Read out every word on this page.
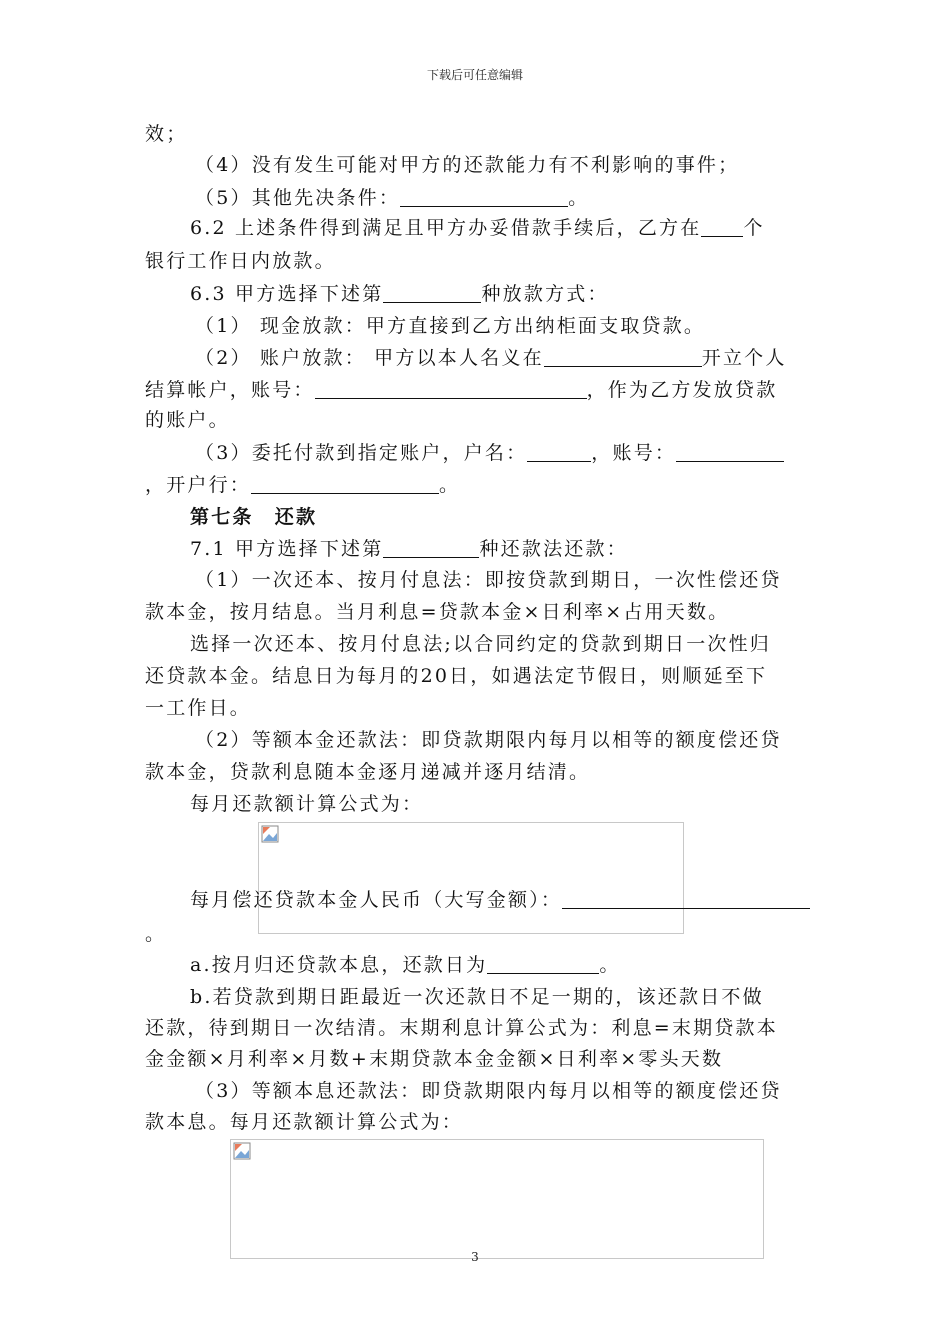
下载后可任意编辑
效；
（4）没有发生可能对甲方的还款能力有不利影响的事件；
（5）其他先决条件：	。
6.2 上述条件得到满足且甲方办妥借款手续后，乙方在 个
银行工作日内放款。
6.3 甲方选择下述第	种放款方式：
（1） 现金放款：甲方直接到乙方出纳柜面支取贷款。
（2） 账户放款： 甲方以本人名义在	开立个人
结算帐户，账号：	，作为乙方发放贷款
的账户。
（3）委托付款到指定账户，户名：	，账号：
，开户行：	。
第七条　还款
7.1 甲方选择下述第	种还款法还款：
（1）一次还本、按月付息法：即按贷款到期日，一次性偿还贷
款本金，按月结息。当月利息=贷款本金×日利率×占用天数。
选择一次还本、按月付息法;以合同约定的贷款到期日一次性归
还贷款本金。结息日为每月的20日，如遇法定节假日，则顺延至下
一工作日。
（2）等额本金还款法：即贷款期限内每月以相等的额度偿还贷
款本金，贷款利息随本金逐月递减并逐月结清。
每月还款额计算公式为：
每月偿还贷款本金人民币（大写金额）：
。
a.按月归还贷款本息，还款日为	。
b.若贷款到期日距最近一次还款日不足一期的，该还款日不做
还款，待到期日一次结清。末期利息计算公式为：利息=末期贷款本
金金额×月利率×月数+末期贷款本金金额×日利率×零头天数
（3）等额本息还款法：即贷款期限内每月以相等的额度偿还贷
款本息。每月还款额计算公式为：
3
